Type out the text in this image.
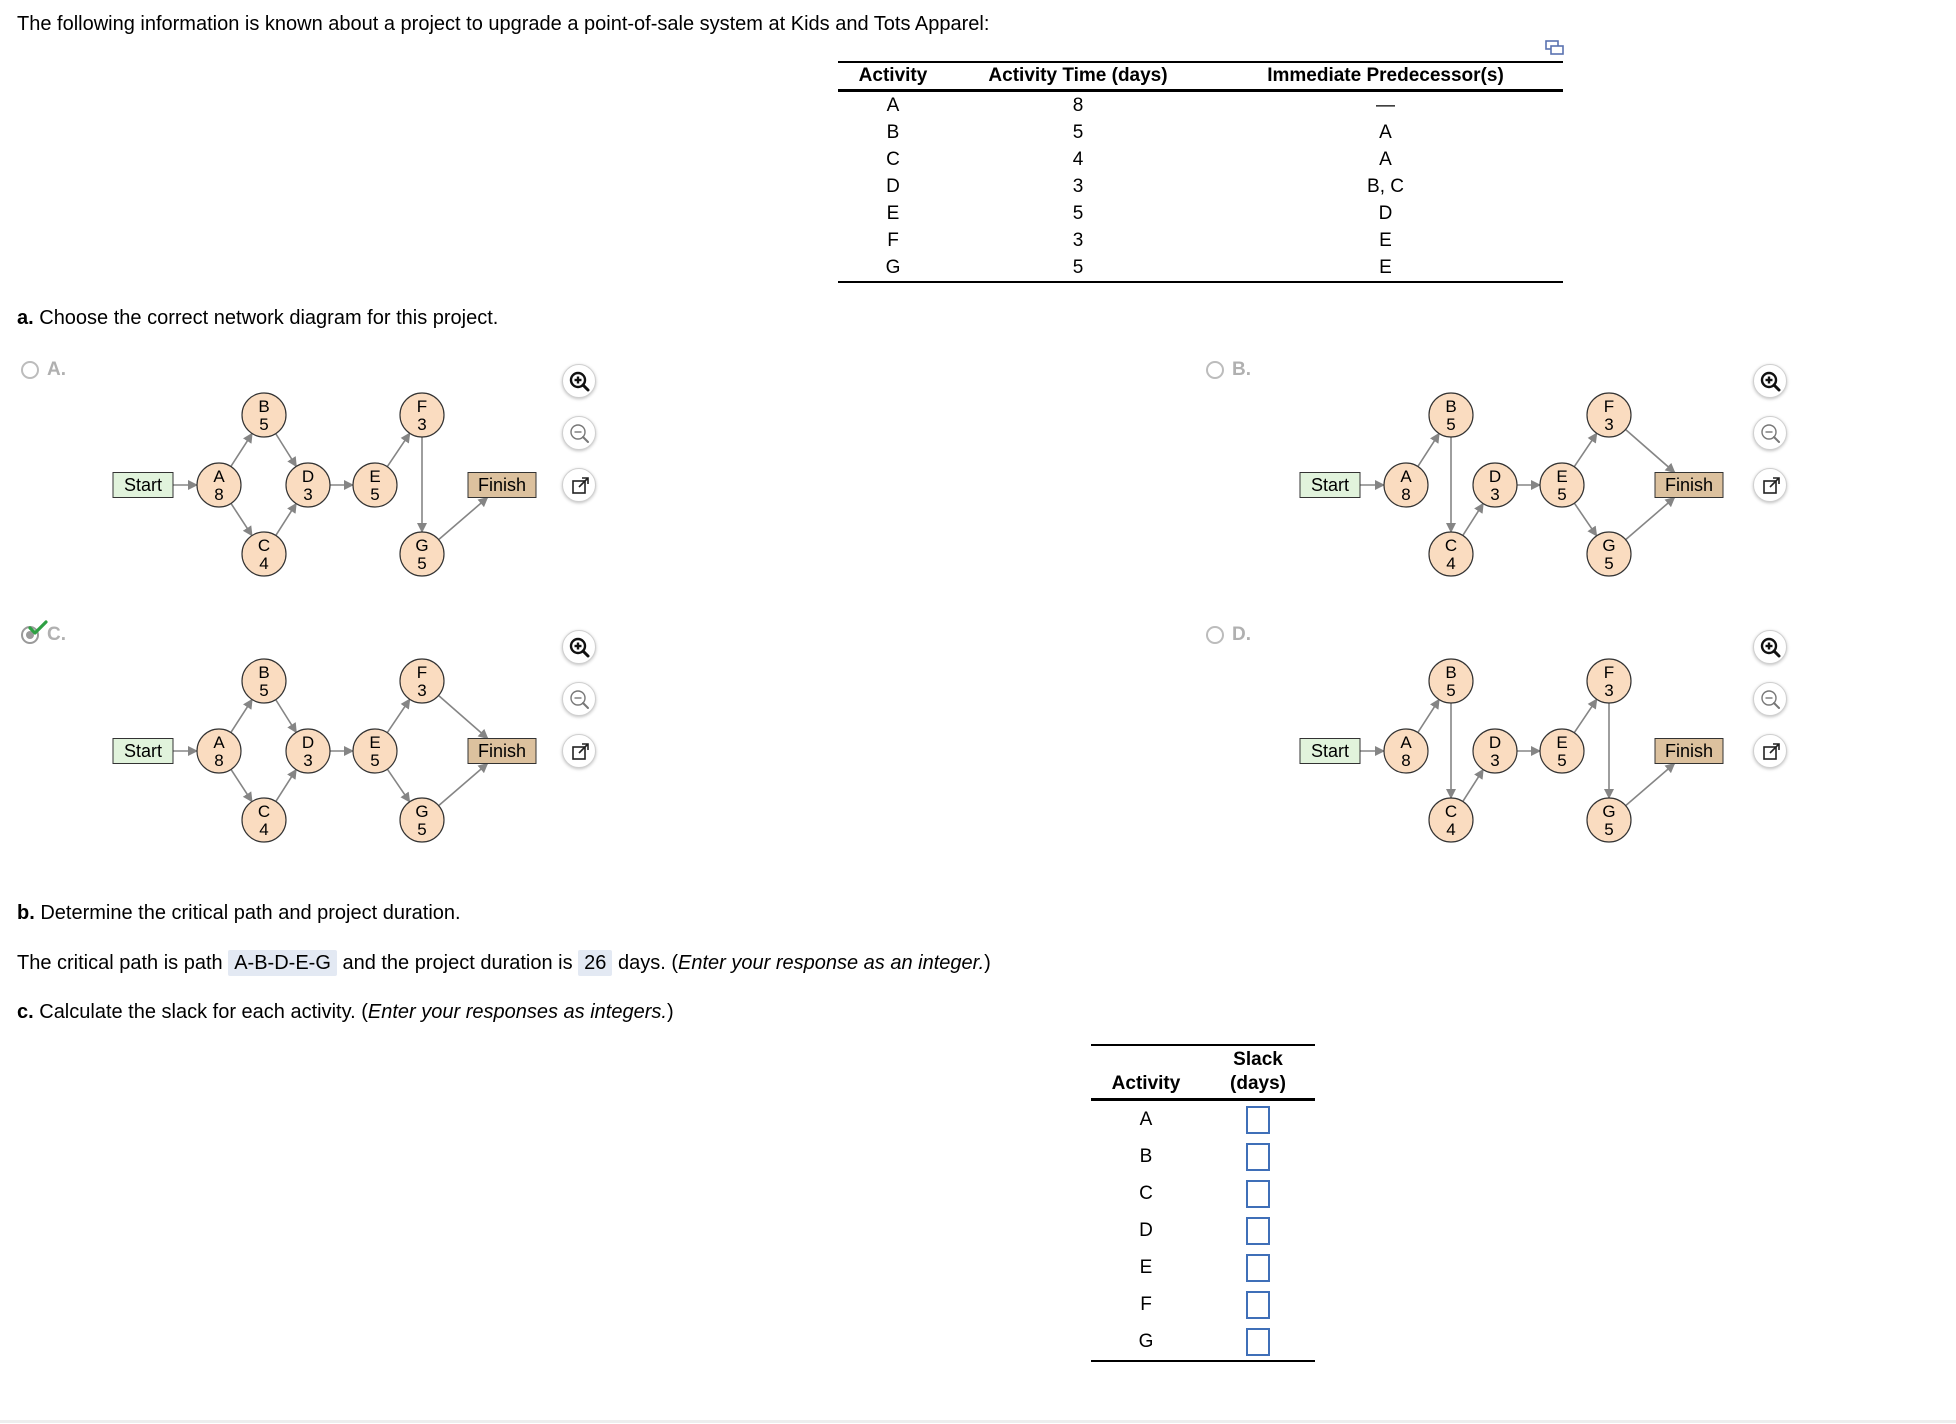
The following information is known about a project to upgrade a point-of-sale system at Kids and Tots Apparel:
Activity	Activity Time (days)	Immediate Predecessor(s)
A	8	—
B	5	A
C	4	A
D	3	B, C
E	5	D
F	3	E
G	5	E
a. Choose the correct network diagram for this project.
A.
Start	Finish
A
8
B
5
C
4
D
3
E
5
F
3
G
5
B.
Start	Finish
A
8
B
5
C
4
D
3
E
5
F
3
G
5
C.
Start	Finish
A
8
B
5
C
4
D
3
E
5
F
3
G
5
D.
Start	Finish
A
8
B
5
C
4
D
3
E
5
F
3
G
5
b. Determine the critical path and project duration.
The critical path is path A-B-D-E-G and the project duration is 26 days. (Enter your response as an integer.)
c. Calculate the slack for each activity. (Enter your responses as integers.)
Activity	Slack
(days)
A	
B	
C	
D	
E	
F	
G	
